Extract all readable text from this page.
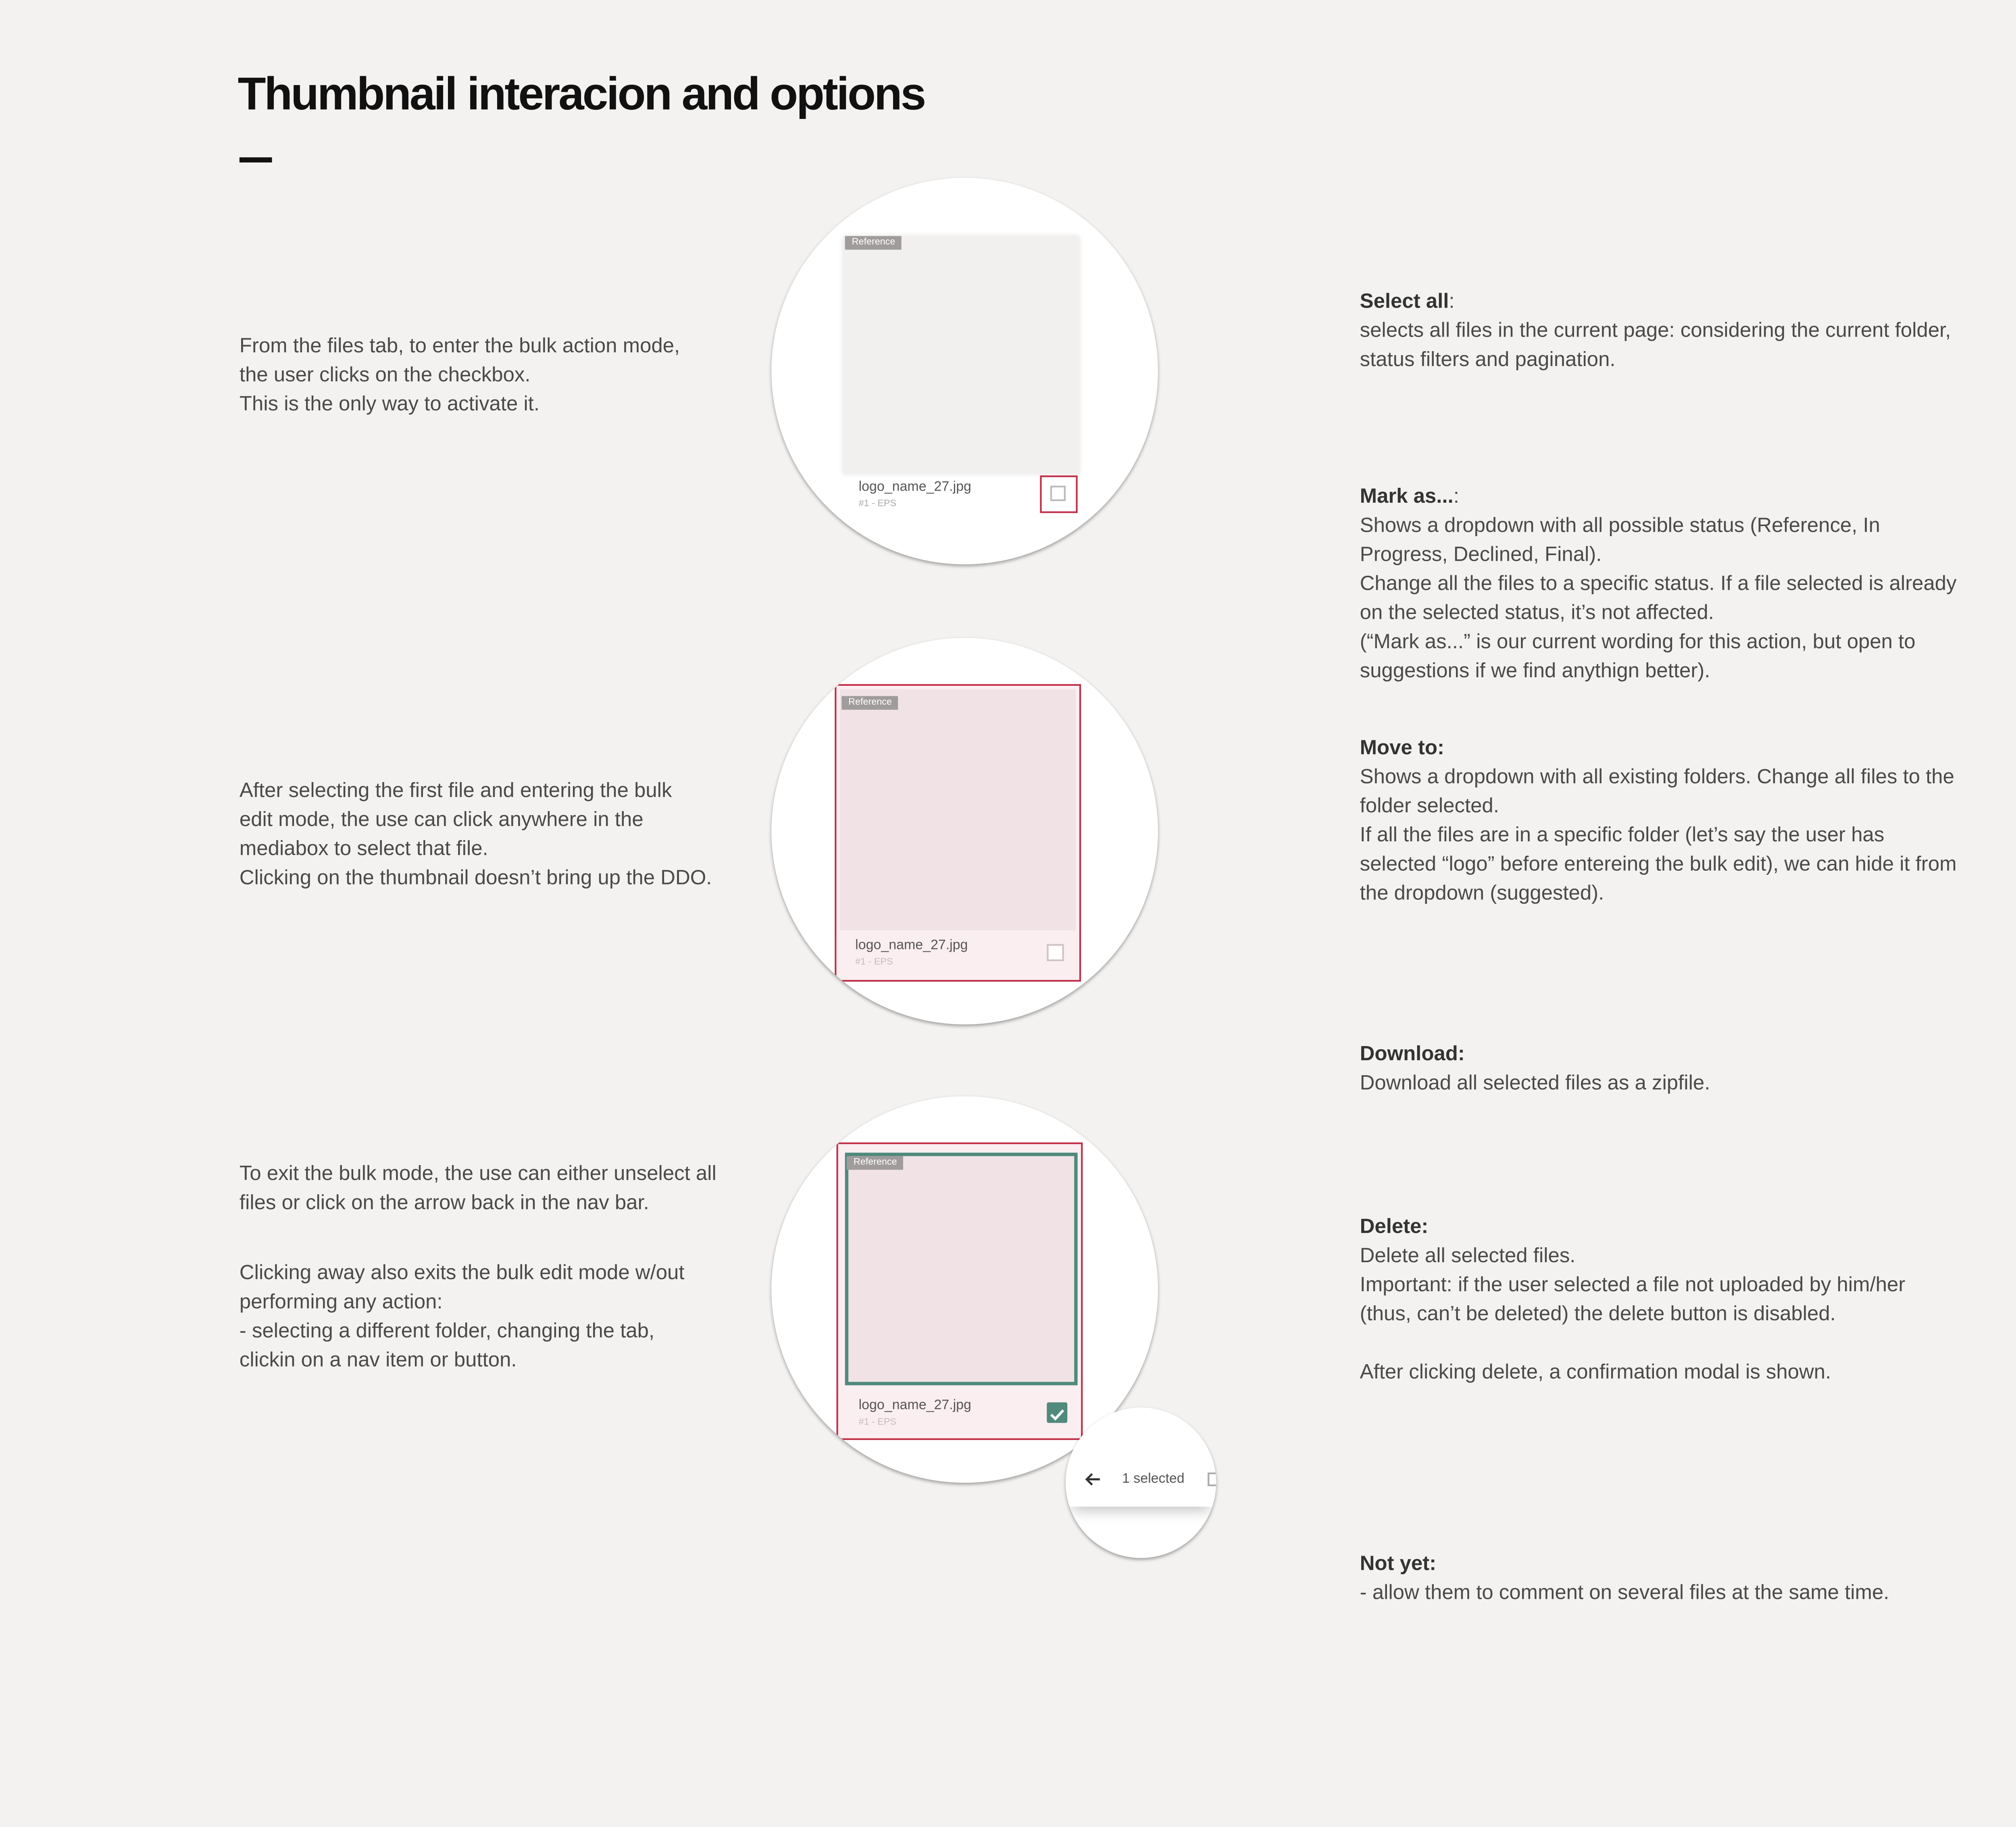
Thumbnail interacion and options
From the files tab, to enter the bulk action mode,
the user clicks on the checkbox.
This is the only way to activate it.
After selecting the first file and entering the bulk
edit mode, the use can click anywhere in the
mediabox to select that file.
Clicking on the thumbnail doesn’t bring up the DDO.
To exit the bulk mode, the use can either unselect all
files or click on the arrow back in the nav bar.
Clicking away also exits the bulk edit mode w/out
performing any action:
- selecting a different folder, changing the tab,
clickin on a nav item or button.
Reference
logo_name_27.jpg
#1 - EPS
Reference
logo_name_27.jpg
#1 - EPS
Reference
logo_name_27.jpg
#1 - EPS
1 selected

Select all:

selects all files in the current page: considering the current folder,
status filters and pagination.

Mark as...:

Shows a dropdown with all possible status (Reference, In
Progress, Declined, Final).
Change all the files to a specific status. If a file selected is already
on the selected status, it’s not affected.
(“Mark as...” is our current wording for this action, but open to
suggestions if we find anythign better).

Move to:

Shows a dropdown with all existing folders. Change all files to the
folder selected.
If all the files are in a specific folder (let’s say the user has
selected “logo” before entereing the bulk edit), we can hide it from
the dropdown (suggested).

Download:

Download all selected files as a zipfile.

Delete:

Delete all selected files.
Important: if the user selected a file not uploaded by him/her
(thus, can’t be deleted) the delete button is disabled.

After clicking delete, a confirmation modal is shown.

Not yet:

- allow them to comment on several files at the same time.
